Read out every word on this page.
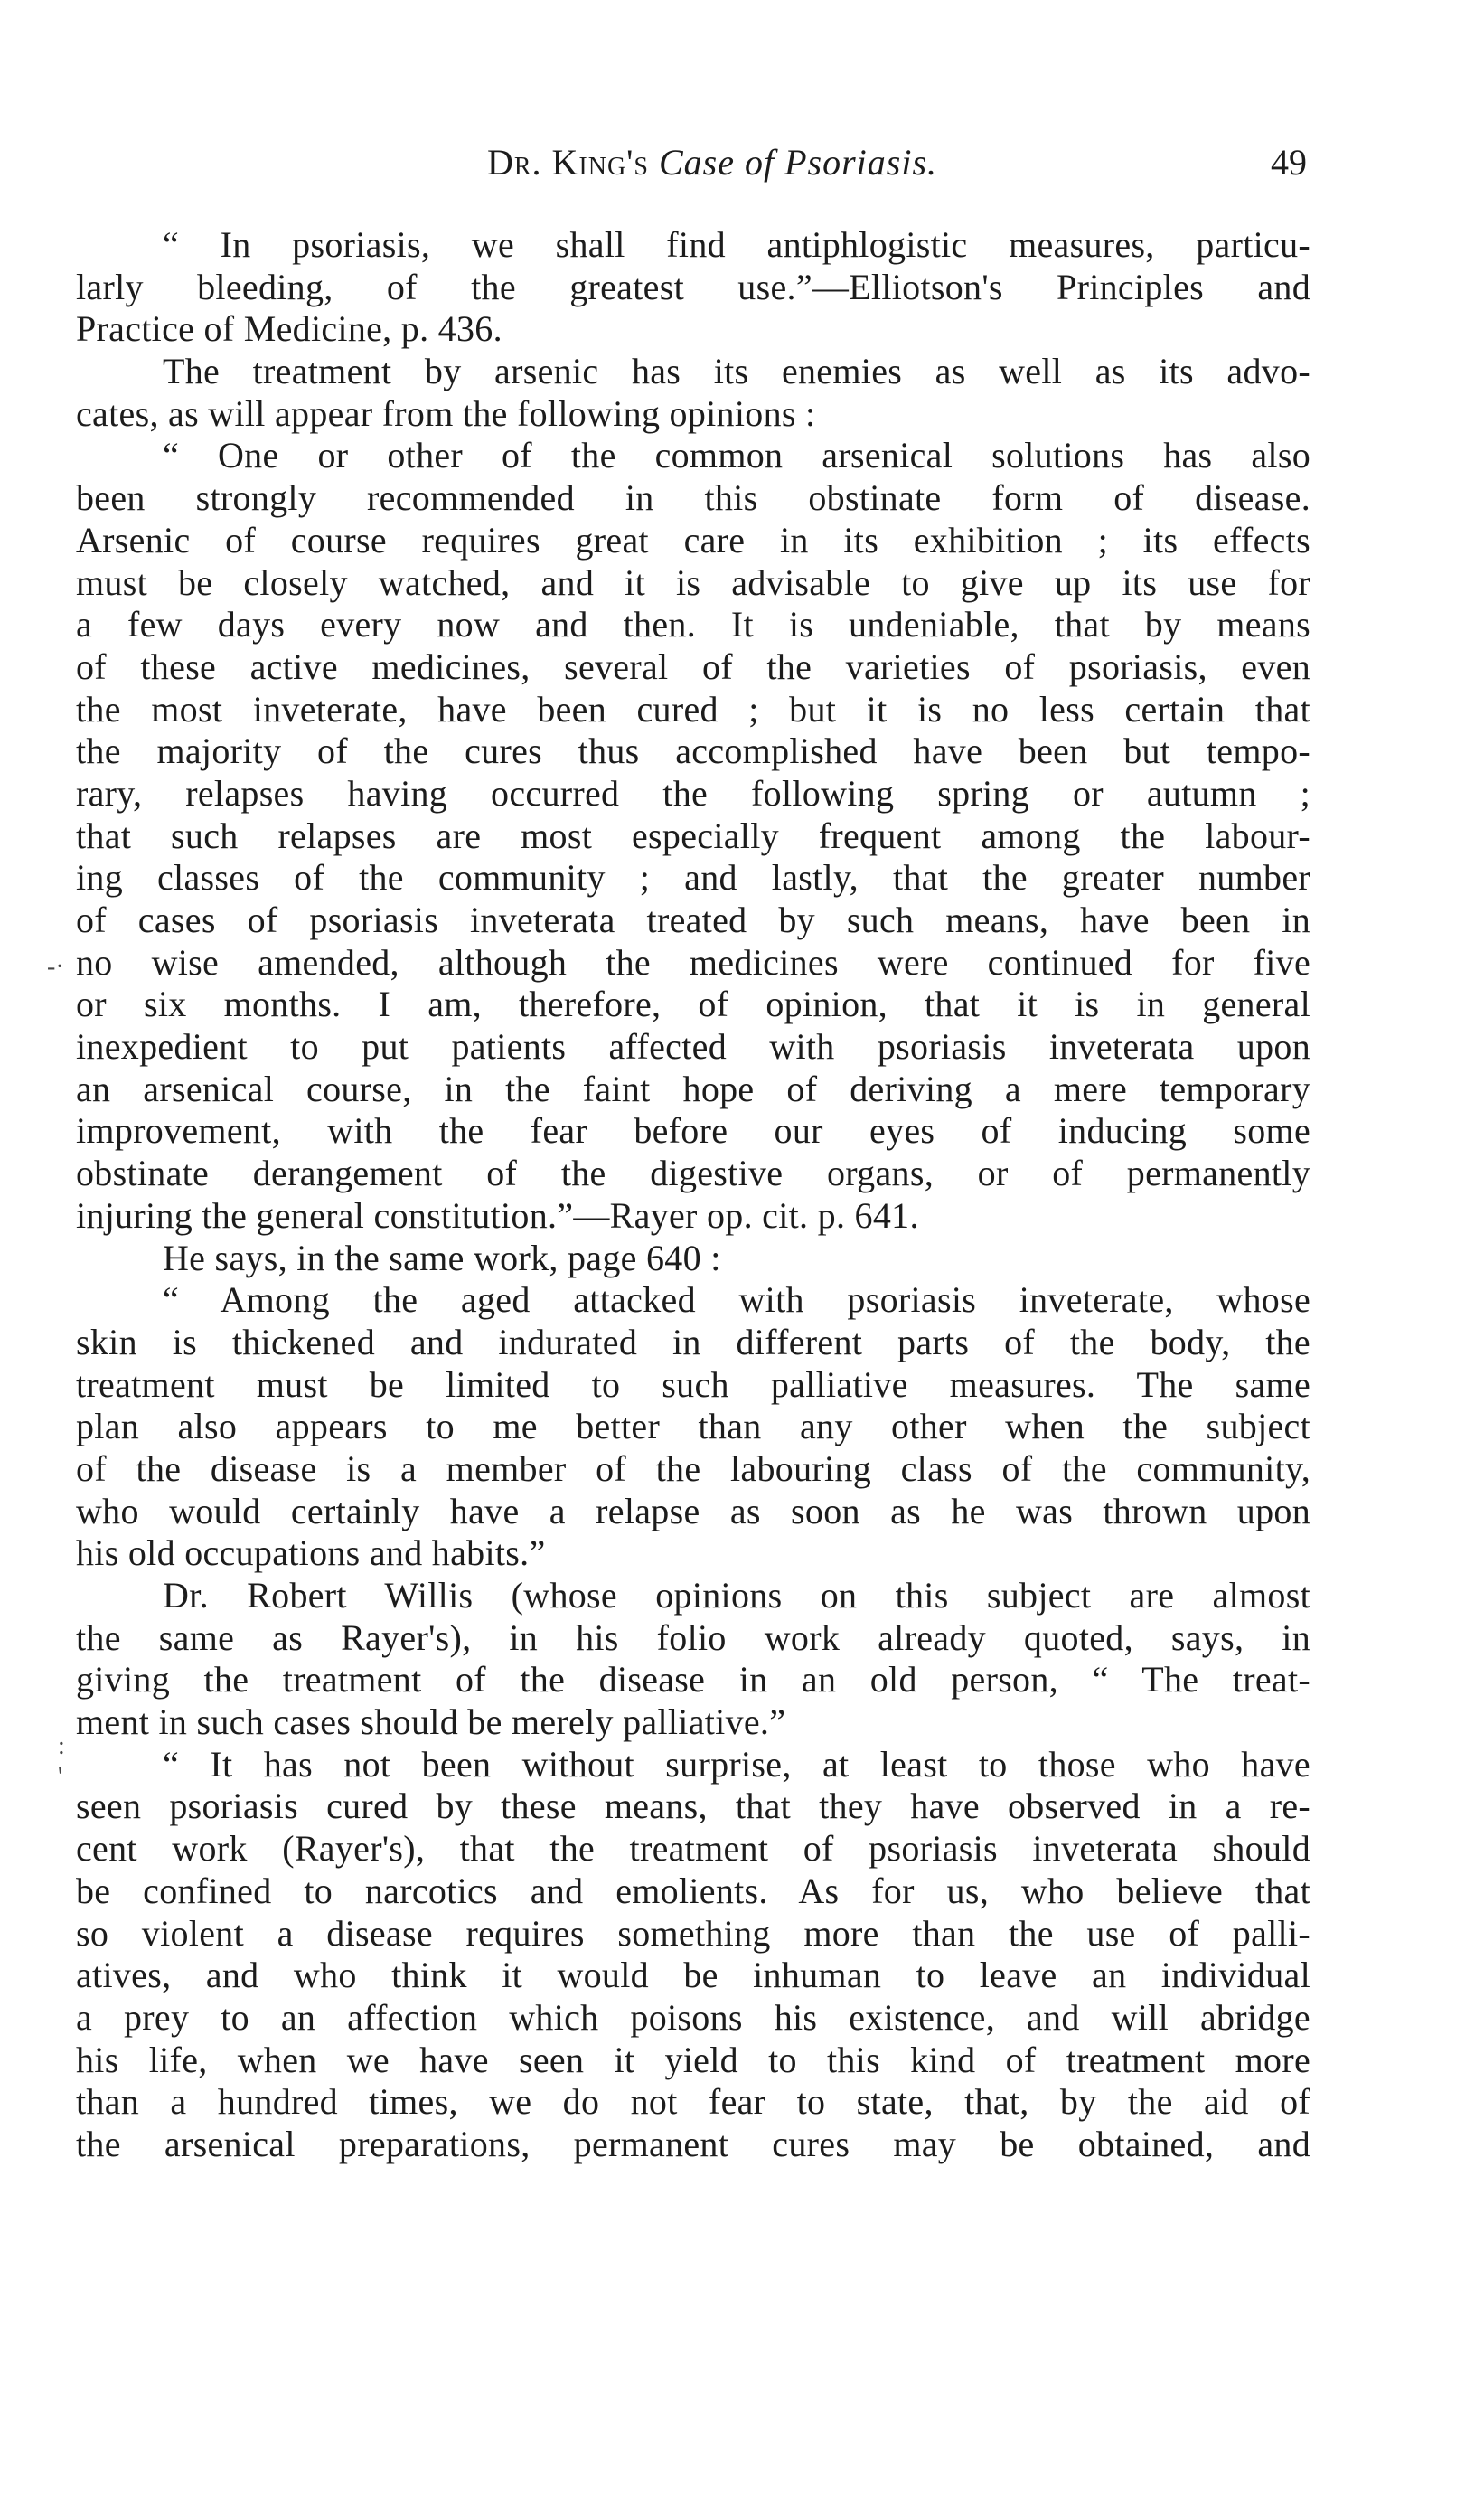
Dr. King's Case of Psoriasis.	49
“ In psoriasis, we shall find antiphlogistic measures, particu-
larly bleeding, of the greatest use.”—Elliotson's Principles and
Practice of Medicine, p. 436.
The treatment by arsenic has its enemies as well as its advo-
cates, as will appear from the following opinions :
“ One or other of the common arsenical solutions has also
been strongly recommended in this obstinate form of disease.
Arsenic of course requires great care in its exhibition ; its effects
must be closely watched, and it is advisable to give up its use for
a few days every now and then. It is undeniable, that by means
of these active medicines, several of the varieties of psoriasis, even
the most inveterate, have been cured ; but it is no less certain that
the majority of the cures thus accomplished have been but tempo-
rary, relapses having occurred the following spring or autumn ;
that such relapses are most especially frequent among the labour-
ing classes of the community ; and lastly, that the greater number
of cases of psoriasis inveterata treated by such means, have been in
no wise amended, although the medicines were continued for five
or six months. I am, therefore, of opinion, that it is in general
inexpedient to put patients affected with psoriasis inveterata upon
an arsenical course, in the faint hope of deriving a mere temporary
improvement, with the fear before our eyes of inducing some
obstinate derangement of the digestive organs, or of permanently
injuring the general constitution.”—Rayer op. cit. p. 641.
He says, in the same work, page 640 :
“ Among the aged attacked with psoriasis inveterate, whose
skin is thickened and indurated in different parts of the body, the
treatment must be limited to such palliative measures. The same
plan also appears to me better than any other when the subject
of the disease is a member of the labouring class of the community,
who would certainly have a relapse as soon as he was thrown upon
his old occupations and habits.”
Dr. Robert Willis (whose opinions on this subject are almost
the same as Rayer's), in his folio work already quoted, says, in
giving the treatment of the disease in an old person, “ The treat-
ment in such cases should be merely palliative.”
“ It has not been without surprise, at least to those who have
seen psoriasis cured by these means, that they have observed in a re-
cent work (Rayer's), that the treatment of psoriasis inveterata should
be confined to narcotics and emolients. As for us, who believe that
so violent a disease requires something more than the use of palli-
atives, and who think it would be inhuman to leave an individual
a prey to an affection which poisons his existence, and will abridge
his life, when we have seen it yield to this kind of treatment more
than a hundred times, we do not fear to state, that, by the aid of
the arsenical preparations, permanent cures may be obtained, and
-·
:
'
